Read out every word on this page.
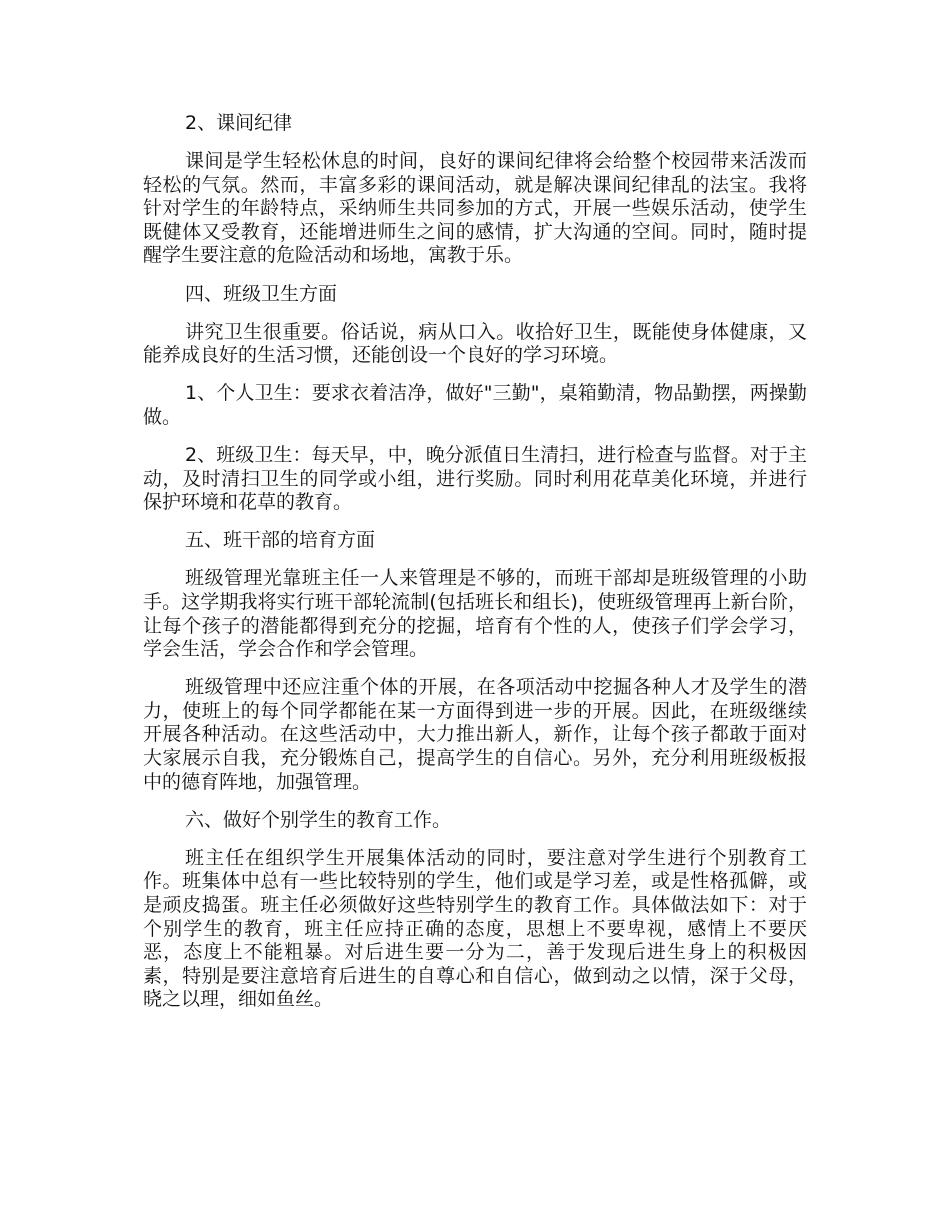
2、课间纪律

课间是学生轻松休息的时间，良好的课间纪律将会给整个校园带来活泼而轻松的气氛。然而，丰富多彩的课间活动，就是解决课间纪律乱的法宝。我将针对学生的年龄特点，采纳师生共同参加的方式，开展一些娱乐活动，使学生既健体又受教育，还能增进师生之间的感情，扩大沟通的空间。同时，随时提醒学生要注意的危险活动和场地，寓教于乐。

四、班级卫生方面

讲究卫生很重要。俗话说，病从口入。收拾好卫生，既能使身体健康，又能养成良好的生活习惯，还能创设一个良好的学习环境。

1、个人卫生：要求衣着洁净，做好"三勤"，桌箱勤清，物品勤摆，两操勤做。

2、班级卫生：每天早，中，晚分派值日生清扫，进行检查与监督。对于主动，及时清扫卫生的同学或小组，进行奖励。同时利用花草美化环境，并进行保护环境和花草的教育。

五、班干部的培育方面

班级管理光靠班主任一人来管理是不够的，而班干部却是班级管理的小助手。这学期我将实行班干部轮流制(包括班长和组长)，使班级管理再上新台阶，让每个孩子的潜能都得到充分的挖掘，培育有个性的人，使孩子们学会学习，学会生活，学会合作和学会管理。

班级管理中还应注重个体的开展，在各项活动中挖掘各种人才及学生的潜力，使班上的每个同学都能在某一方面得到进一步的开展。因此，在班级继续开展各种活动。在这些活动中，大力推出新人，新作，让每个孩子都敢于面对大家展示自我，充分锻炼自己，提高学生的自信心。另外，充分利用班级板报中的德育阵地，加强管理。

六、做好个别学生的教育工作。

班主任在组织学生开展集体活动的同时，要注意对学生进行个别教育工作。班集体中总有一些比较特别的学生，他们或是学习差，或是性格孤僻，或是顽皮捣蛋。班主任必须做好这些特别学生的教育工作。具体做法如下：对于个别学生的教育，班主任应持正确的态度，思想上不要卑视，感情上不要厌恶，态度上不能粗暴。对后进生要一分为二，善于发现后进生身上的积极因素，特别是要注意培育后进生的自尊心和自信心，做到动之以情，深于父母，晓之以理，细如鱼丝。
